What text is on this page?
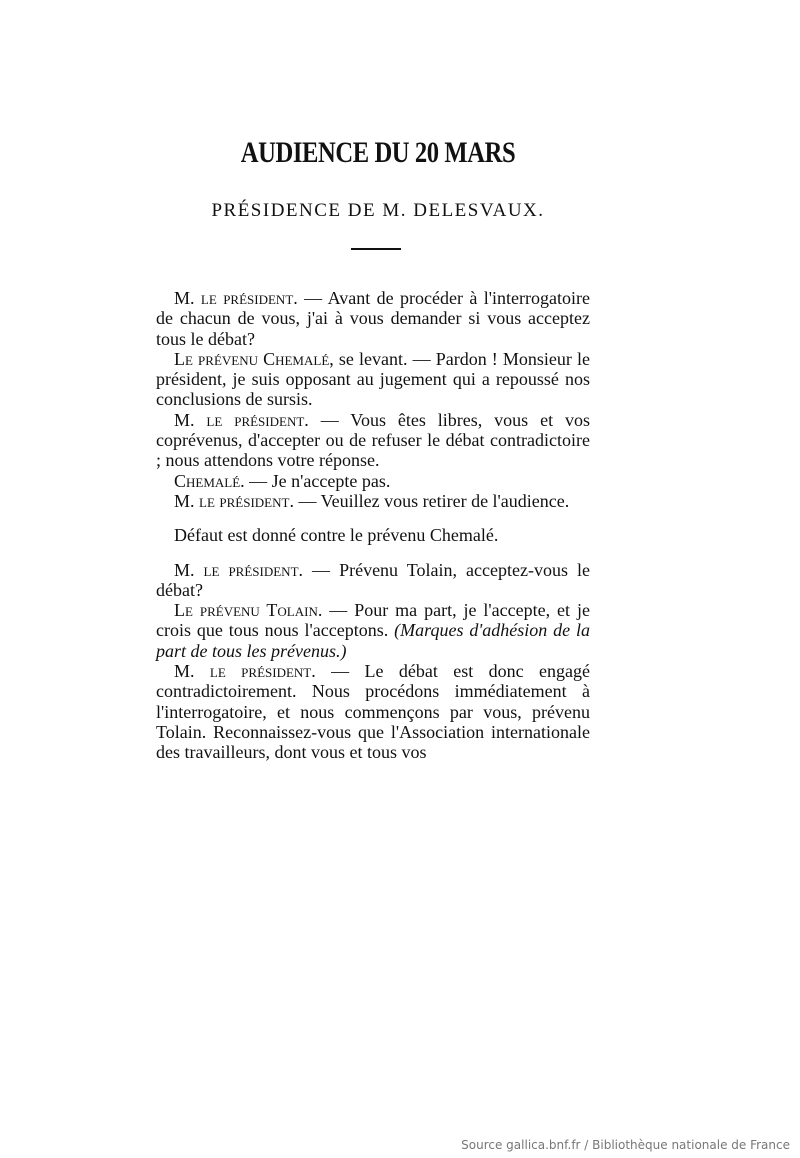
AUDIENCE DU 20 MARS
PRÉSIDENCE DE M. DELESVAUX.

M. le président. — Avant de procéder à l'interrogatoire de chacun de vous, j'ai à vous demander si vous acceptez tous le débat?

Le prévenu Chemalé, se levant. — Pardon ! Monsieur le président, je suis opposant au jugement qui a repoussé nos conclusions de sursis.

M. le président. — Vous êtes libres, vous et vos coprévenus, d'accepter ou de refuser le débat contradictoire ; nous attendons votre réponse.

Chemalé. — Je n'accepte pas.

M. le président. — Veuillez vous retirer de l'audience.

Défaut est donné contre le prévenu Chemalé.

M. le président. — Prévenu Tolain, acceptez-vous le débat?

Le prévenu Tolain. — Pour ma part, je l'accepte, et je crois que tous nous l'acceptons. (Marques d'adhésion de la part de tous les prévenus.)

M. le président. — Le débat est donc engagé contradictoirement. Nous procédons immédiatement à l'interrogatoire, et nous commençons par vous, prévenu Tolain. Reconnaissez-vous que l'Association internationale des travailleurs, dont vous et tous vos

Source gallica.bnf.fr / Bibliothèque nationale de France
